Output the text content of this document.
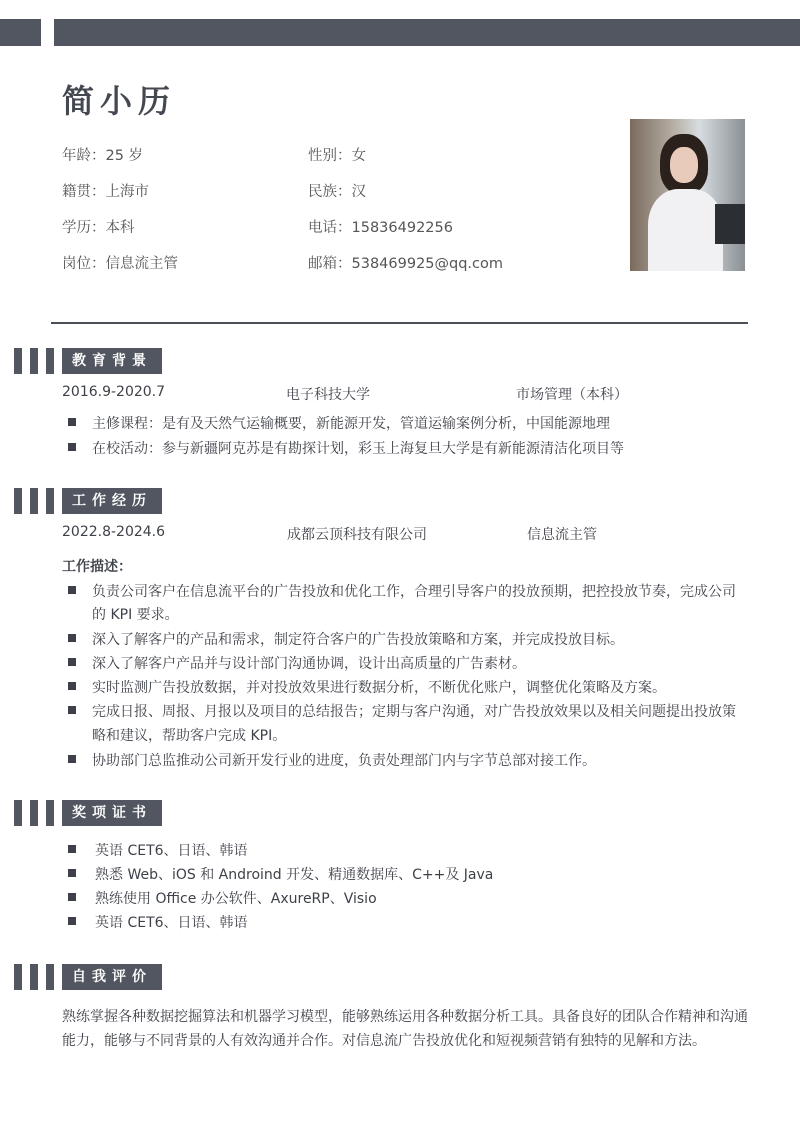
简小历
年龄：25 岁	性别：女
籍贯：上海市	民族：汉
学历：本科	电话：15836492256
岗位：信息流主管	邮箱：538469925@qq.com
教育背景
2016.9-2020.7	电子科技大学	市场管理（本科）
主修课程：是有及天然气运输概要，新能源开发，管道运输案例分析，中国能源地理
在校活动：参与新疆阿克苏是有勘探计划，彩玉上海复旦大学是有新能源清洁化项目等
工作经历
2022.8-2024.6	成都云顶科技有限公司	信息流主管
工作描述：
负责公司客户在信息流平台的广告投放和优化工作，合理引导客户的投放预期，把控投放节奏，完成公司
的 KPI 要求。
深入了解客户的产品和需求，制定符合客户的广告投放策略和方案，并完成投放目标。
深入了解客户产品并与设计部门沟通协调，设计出高质量的广告素材。
实时监测广告投放数据，并对投放效果进行数据分析，不断优化账户，调整优化策略及方案。
完成日报、周报、月报以及项目的总结报告；定期与客户沟通，对广告投放效果以及相关问题提出投放策
略和建议，帮助客户完成 KPI。
协助部门总监推动公司新开发行业的进度，负责处理部门内与字节总部对接工作。
奖项证书
英语 CET6、日语、韩语
熟悉 Web、iOS 和 Androind 开发、精通数据库、C++及 Java
熟练使用 Office 办公软件、AxureRP、Visio
英语 CET6、日语、韩语
自我评价
熟练掌握各种数据挖掘算法和机器学习模型，能够熟练运用各种数据分析工具。具备良好的团队合作精神和沟通
能力，能够与不同背景的人有效沟通并合作。对信息流广告投放优化和短视频营销有独特的见解和方法。
